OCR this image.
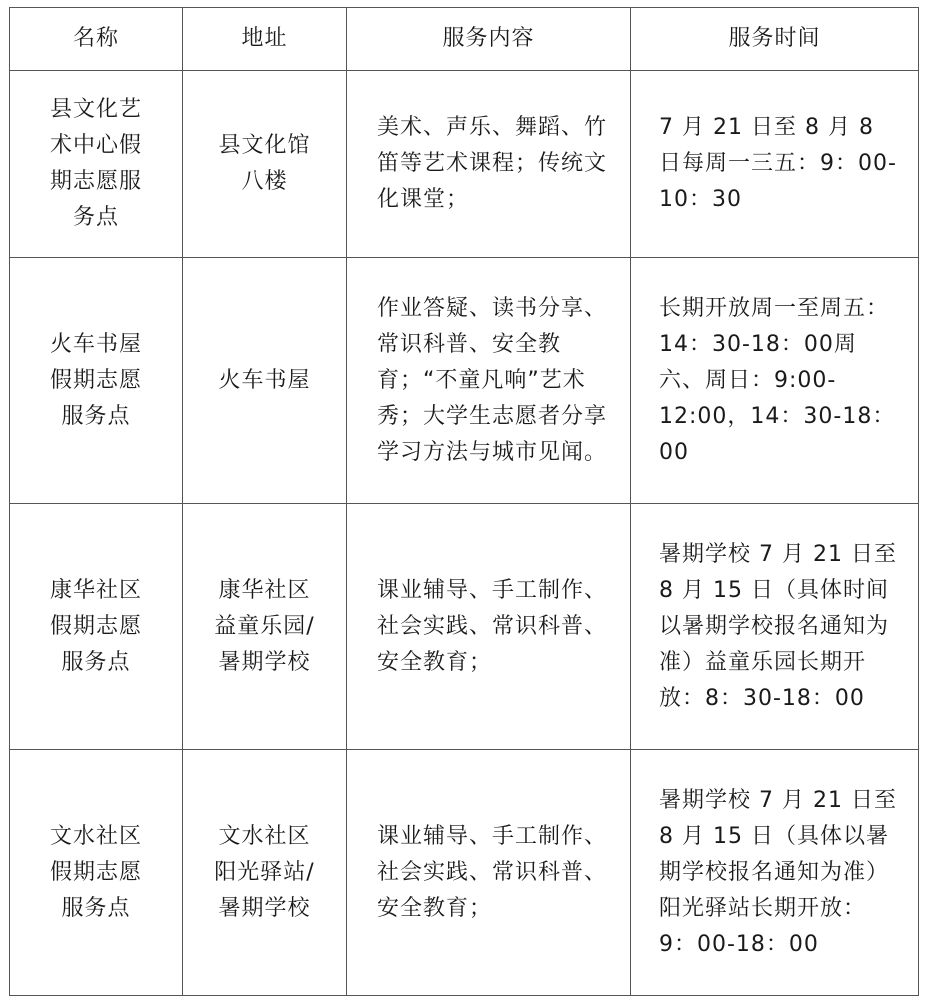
名称	地址	服务内容	服务时间
县文化艺术中心假期志愿服务点	县文化馆八楼	美术、声乐、舞蹈、竹笛等艺术课程；传统文化课堂；	7 月 21 日至 8 月 8 日每周一三五：9：00-10：30
火车书屋假期志愿服务点	火车书屋	作业答疑、读书分享、常识科普、安全教育；“不童凡响”艺术秀；大学生志愿者分享学习方法与城市见闻。	长期开放周一至周五：14：30-18：00周六、周日：9:00-12:00，14：30-18：00
康华社区假期志愿服务点	康华社区益童乐园/暑期学校	课业辅导、手工制作、社会实践、常识科普、安全教育；	暑期学校 7 月 21 日至 8 月 15 日（具体时间以暑期学校报名通知为准）益童乐园长期开放：8：30-18：00
文水社区假期志愿服务点	文水社区阳光驿站/暑期学校	课业辅导、手工制作、社会实践、常识科普、安全教育；	暑期学校 7 月 21 日至 8 月 15 日（具体以暑期学校报名通知为准）阳光驿站长期开放：9：00-18：00
